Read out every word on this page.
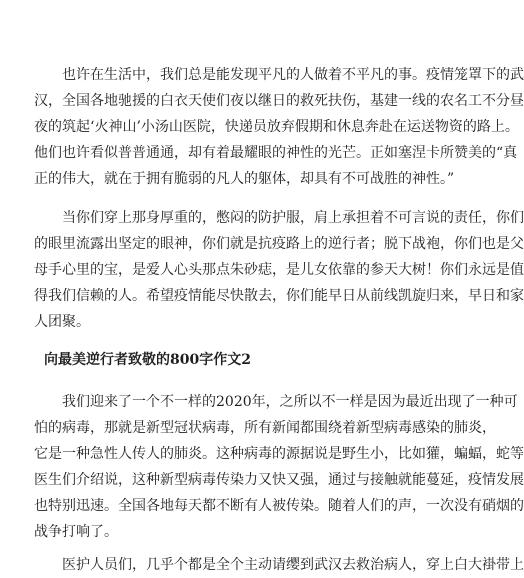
也许在生活中，我们总是能发现平凡的人做着不平凡的事。疫情笼罩下的武
汉，全国各地驰援的白衣天使们夜以继日的救死扶伤，基建一线的农名工不分昼
夜的筑起‘火神山’小汤山医院，快递员放弃假期和休息奔赴在运送物资的路上。
他们也许看似普普通通，却有着最耀眼的神性的光芒。正如塞涅卡所赞美的“真
正的伟大，就在于拥有脆弱的凡人的躯体，却具有不可战胜的神性。”
当你们穿上那身厚重的，憋闷的防护服，肩上承担着不可言说的责任，你们
的眼里流露出坚定的眼神，你们就是抗疫路上的逆行者；脱下战袍，你们也是父
母手心里的宝，是爱人心头那点朱砂痣，是儿女依靠的参天大树！你们永远是值
得我们信赖的人。希望疫情能尽快散去，你们能早日从前线凯旋归来，早日和家
人团聚。

向最美逆行者致敬的800字作文2

我们迎来了一个不一样的2020年，之所以不一样是因为最近出现了一种可
怕的病毒，那就是新型冠状病毒，所有新闻都围绕着新型病毒感染的肺炎，
它是一种急性人传人的肺炎。这种病毒的源据说是野生小，比如獾，蝙蝠，蛇等
医生们介绍说，这种新型病毒传染力又快又强，通过与接触就能蔓延，疫情发展
也特别迅速。全国各地每天都不断有人被传染。随着人们的声，一次没有硝烟的
战争打响了。
医护人员们，几乎个都是全个主动请缨到武汉去救治病人，穿上白大褂带上
